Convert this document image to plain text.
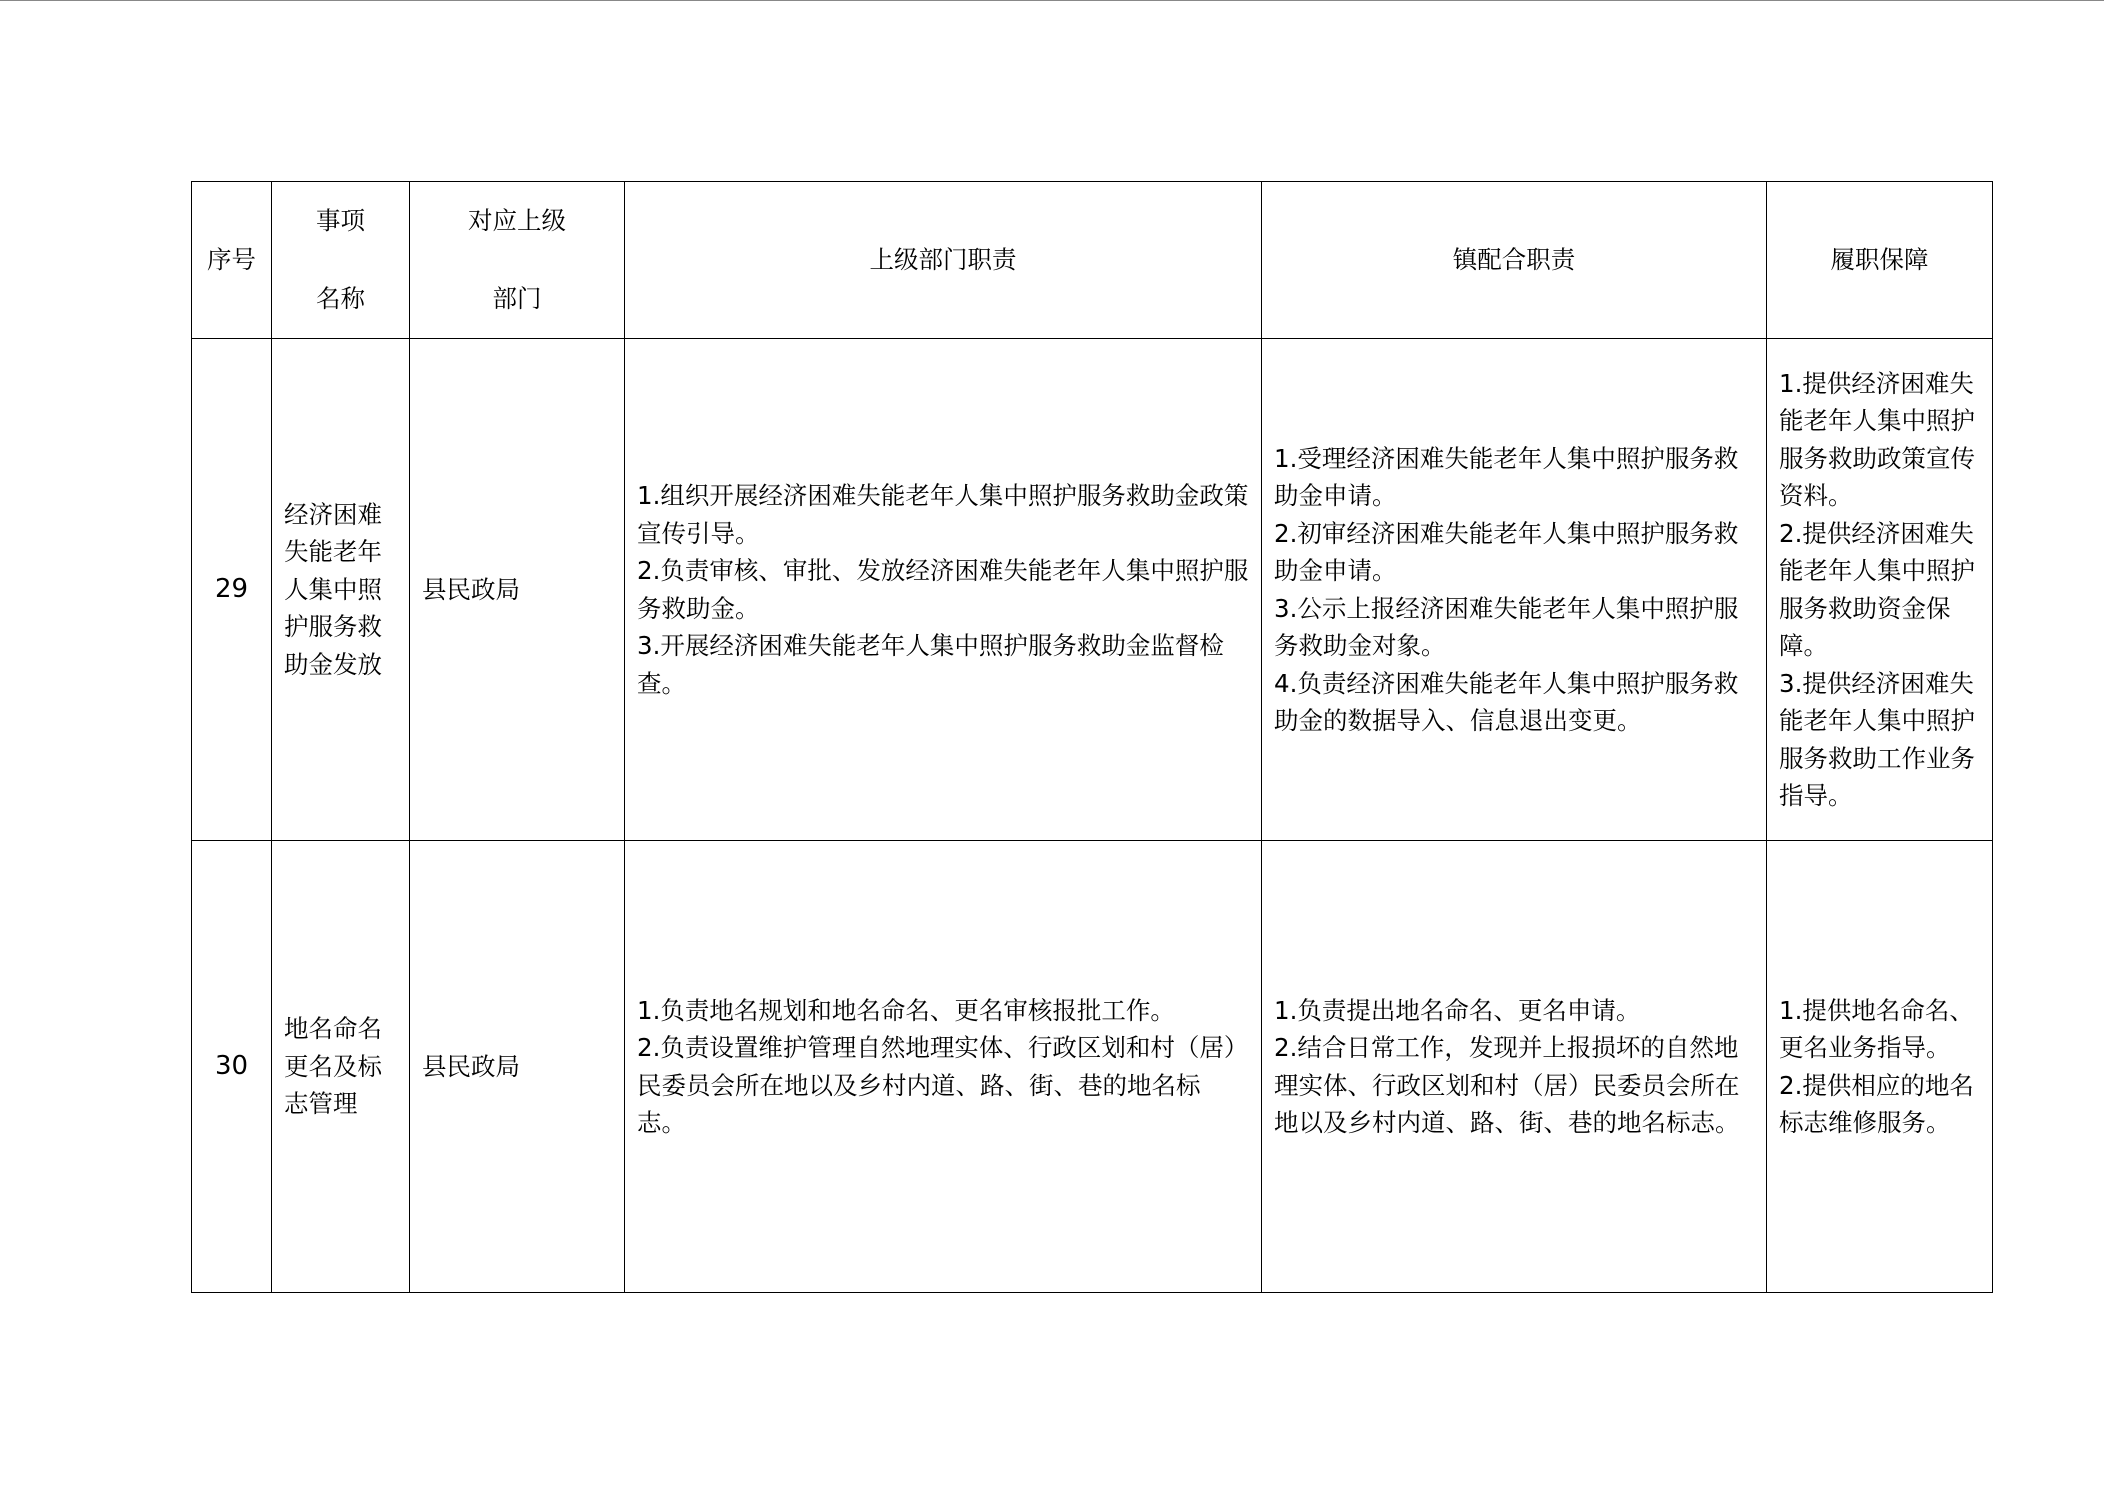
序号	事项
名称	对应上级
部门	上级部门职责	镇配合职责	履职保障
29	经济困难失能老年人集中照护服务救助金发放	县民政局	1.组织开展经济困难失能老年人集中照护服务救助金政策宣传引导。
2.负责审核、审批、发放经济困难失能老年人集中照护服务救助金。
3.开展经济困难失能老年人集中照护服务救助金监督检查。	1.受理经济困难失能老年人集中照护服务救助金申请。
2.初审经济困难失能老年人集中照护服务救助金申请。
3.公示上报经济困难失能老年人集中照护服务救助金对象。
4.负责经济困难失能老年人集中照护服务救助金的数据导入、信息退出变更。	1.提供经济困难失能老年人集中照护服务救助政策宣传资料。
2.提供经济困难失能老年人集中照护服务救助资金保障。
3.提供经济困难失能老年人集中照护服务救助工作业务指导。

30	地名命名更名及标志管理	县民政局	1.负责地名规划和地名命名、更名审核报批工作。
2.负责设置维护管理自然地理实体、行政区划和村（居）民委员会所在地以及乡村内道、路、街、巷的地名标志。	1.负责提出地名命名、更名申请。
2.结合日常工作，发现并上报损坏的自然地理实体、行政区划和村（居）民委员会所在地以及乡村内道、路、街、巷的地名标志。	1.提供地名命名、更名业务指导。
2.提供相应的地名标志维修服务。
